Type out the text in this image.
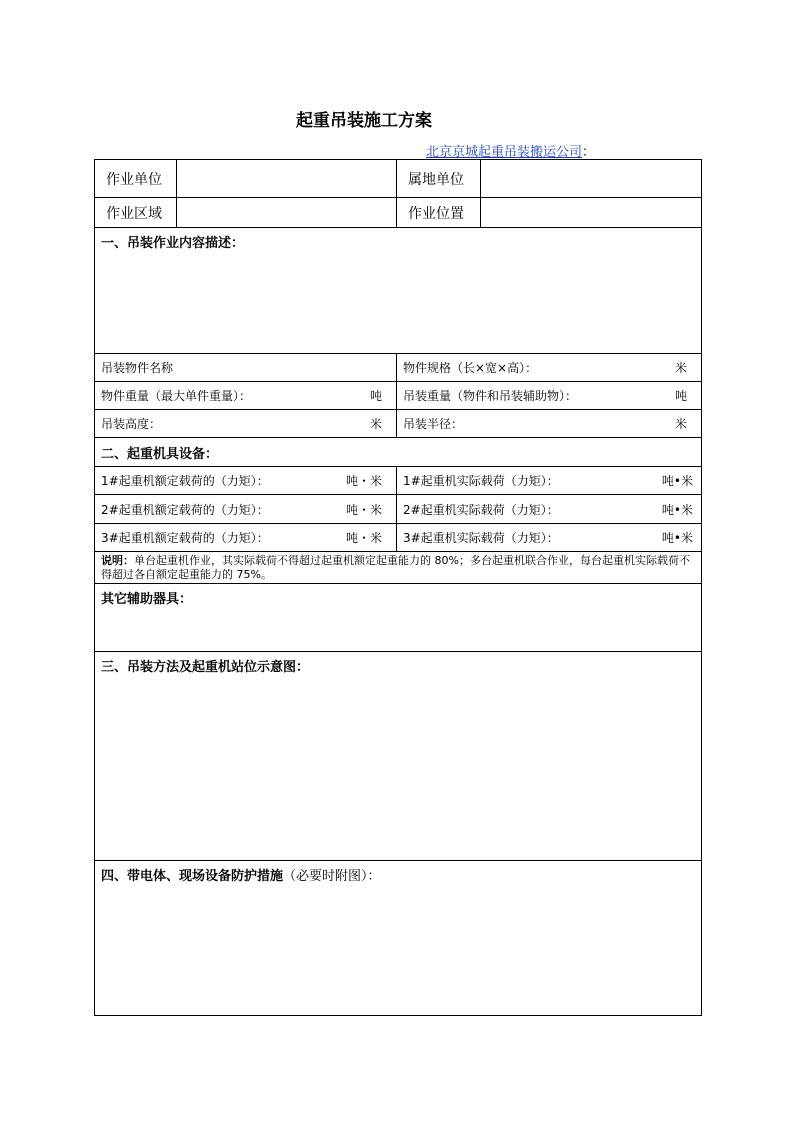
起重吊装施工方案
北京京城起重吊装搬运公司：
作业单位		属地单位	
作业区域		作业位置	
一、吊装作业内容描述：			
吊装物件名称		物件规格（长×宽×高）： 米	

物件重量（最大单件重量）： 吨		吊装重量（物件和吊装辅助物）： 吨	

吊装高度： 米		吊装半径： 米	

二、起重机具设备：			

1#起重机额定载荷的（力矩）： 吨・米		1#起重机实际载荷（力矩）： 吨•米	

2#起重机额定载荷的（力矩）： 吨・米		2#起重机实际载荷（力矩）： 吨•米	

3#起重机额定载荷的（力矩）： 吨・米		3#起重机实际载荷（力矩）： 吨•米	

说明：单台起重机作业，其实际载荷不得超过起重机额定起重能力的 80%；多台起重机联合作业，每台起重机实际载荷不得超过各自额定起重能力的 75%。			
其它辅助器具：			
三、吊装方法及起重机站位示意图：			
四、带电体、现场设备防护措施（必要时附图）：			
